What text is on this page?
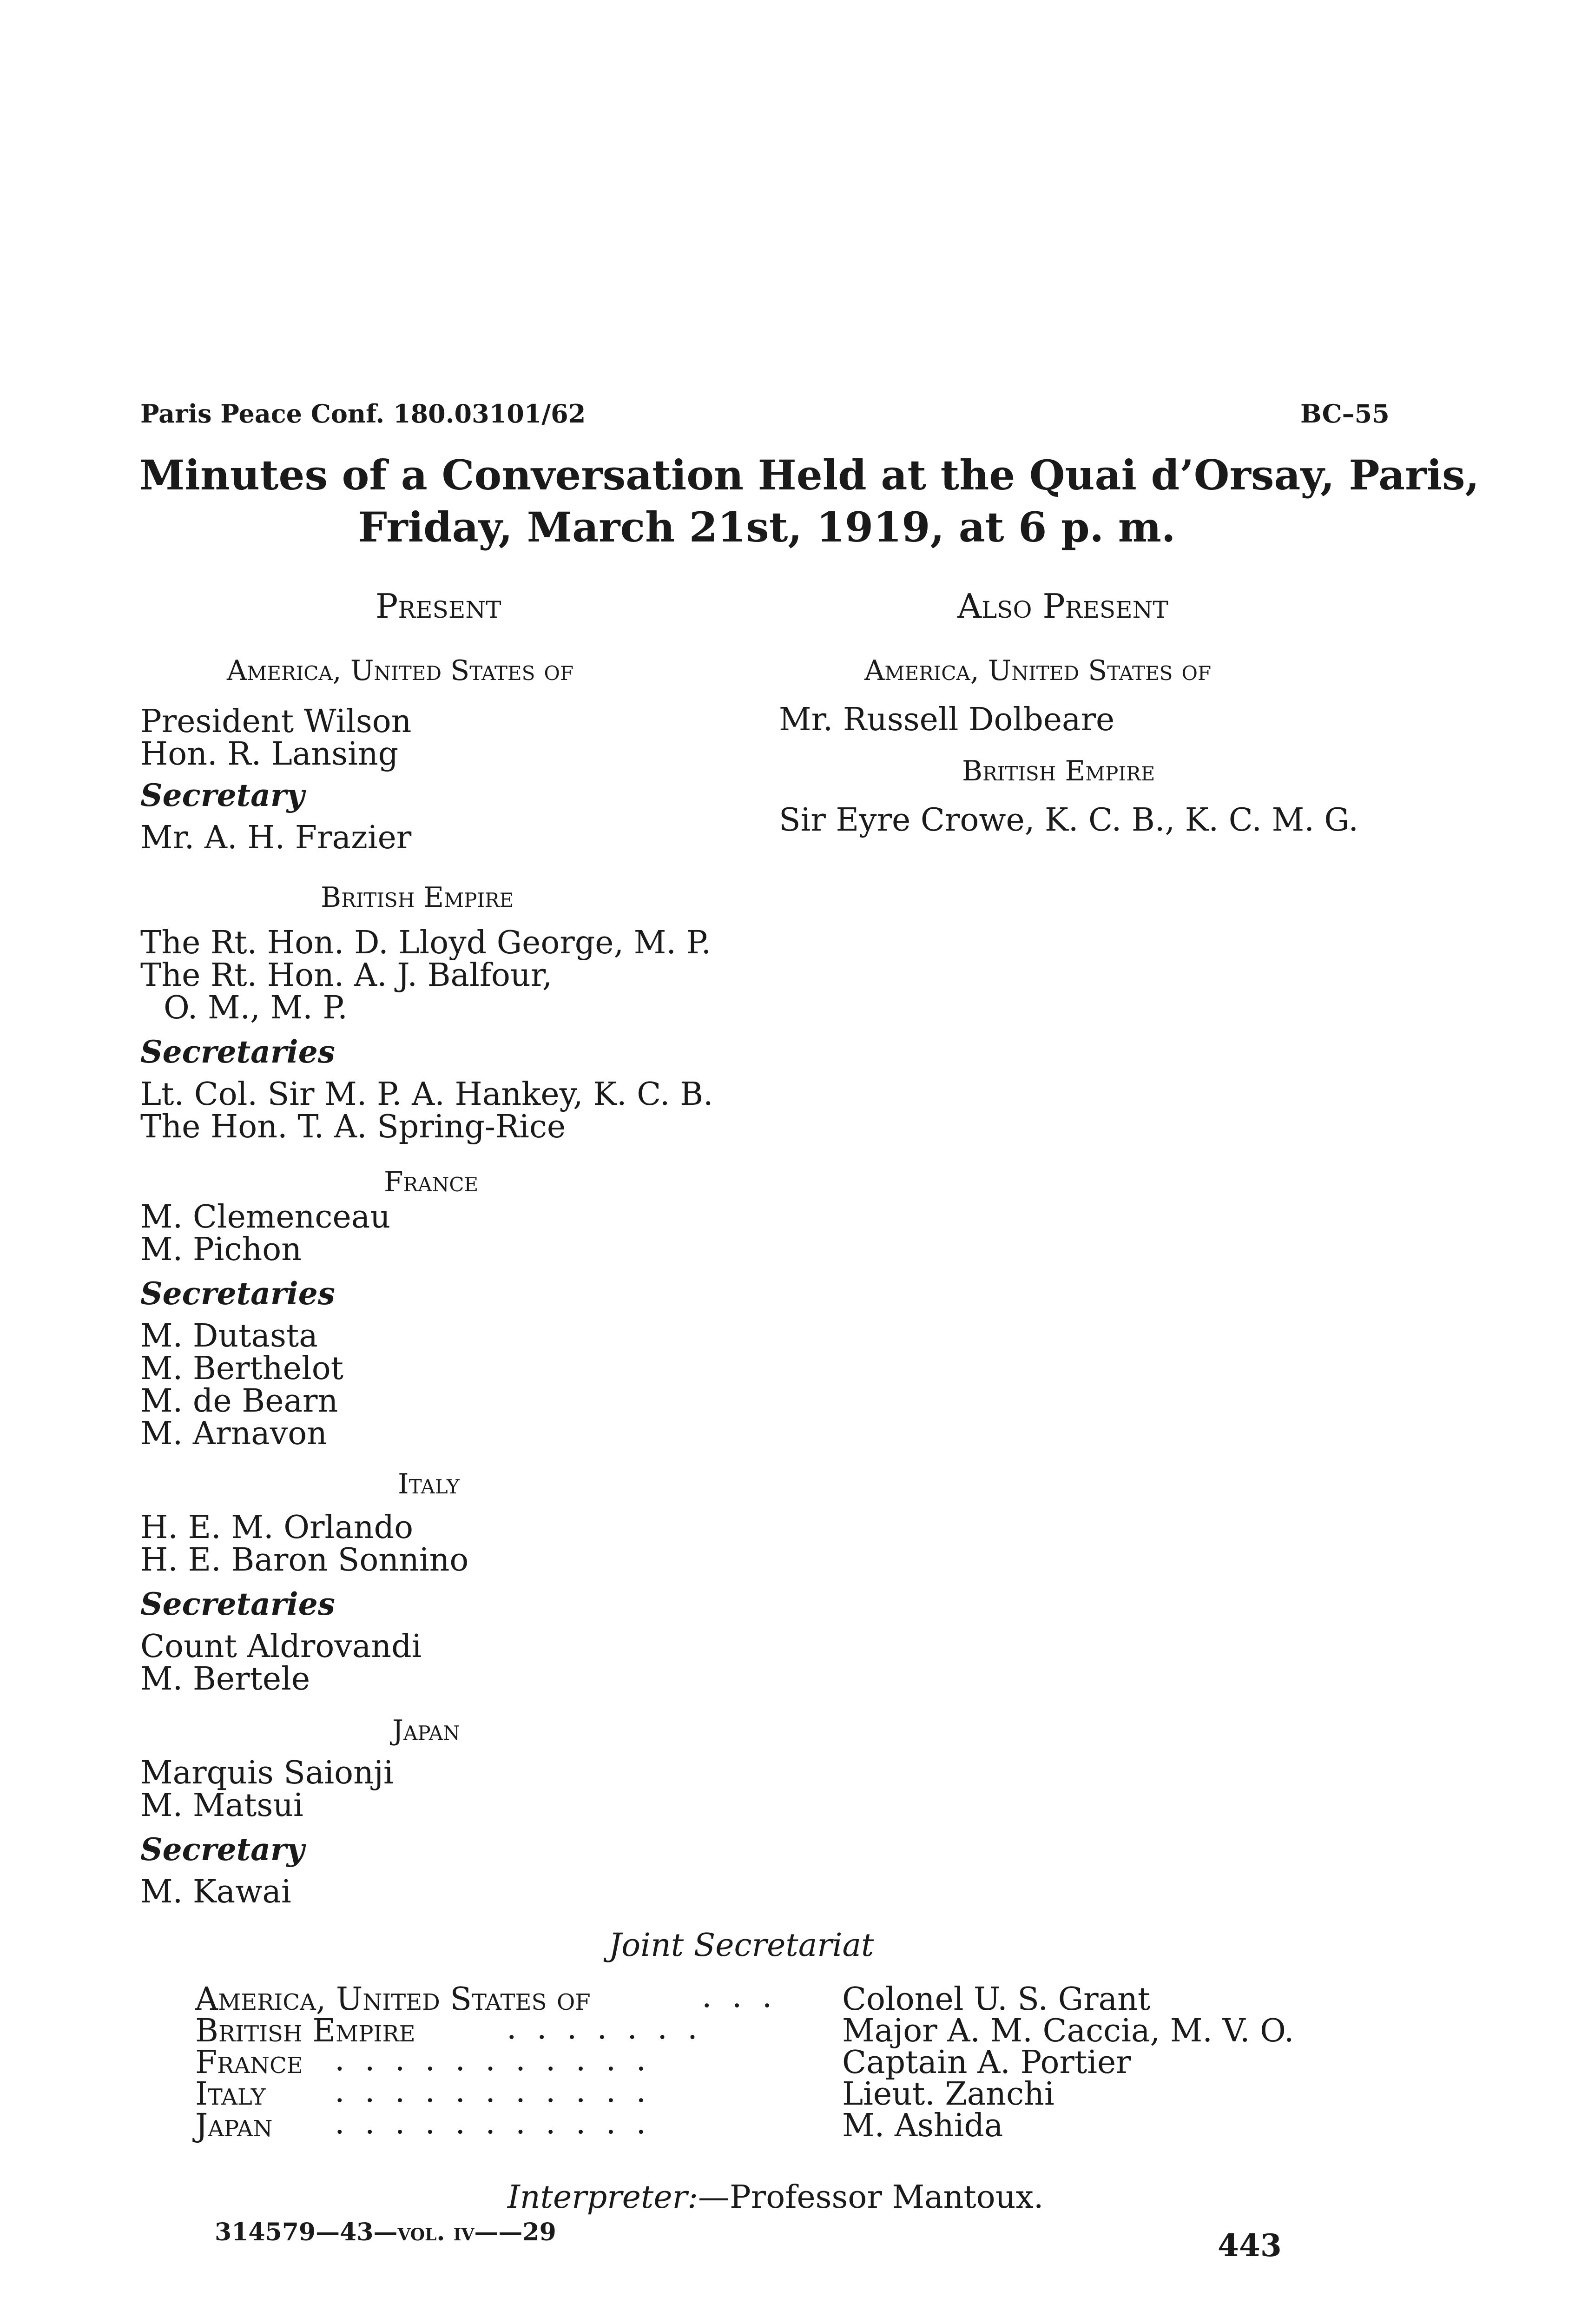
Paris Peace Conf. 180.03101/62	BC–55
Minutes of a Conversation Held at the Quai d’Orsay, Paris,
Friday, March 21st, 1919, at 6 p. m.
Present
America, United States of
President Wilson
Hon. R. Lansing
Secretary
Mr. A. H. Frazier
British Empire
The Rt. Hon. D. Lloyd George, M. P.
The Rt. Hon. A. J. Balfour,
O. M., M. P.
Secretaries
Lt. Col. Sir M. P. A. Hankey, K. C. B.
The Hon. T. A. Spring-Rice
France
M. Clemenceau
M. Pichon
Secretaries
M. Dutasta
M. Berthelot
M. de Bearn
M. Arnavon
Italy
H. E. M. Orlando
H. E. Baron Sonnino
Secretaries
Count Aldrovandi
M. Bertele
Japan
Marquis Saionji
M. Matsui
Secretary
M. Kawai
Also Present
America, United States of
Mr. Russell Dolbeare
British Empire
Sir Eyre Crowe, K. C. B., K. C. M. G.
Joint Secretariat
America, United States of	.  .  . Colonel U. S. Grant
British Empire	.  .  .  .  .  .  .	Major A. M. Caccia, M. V. O.
France .  .  .  .  .  .  .  .  .  .  .	Captain A. Portier
Italy .  .  .  .  .  .  .  .  .  .  .	Lieut. Zanchi
Japan .  .  .  .  .  .  .  .  .  .  .	M. Ashida
Interpreter:—Professor Mantoux.
314579—43—vol. iv——29	443
